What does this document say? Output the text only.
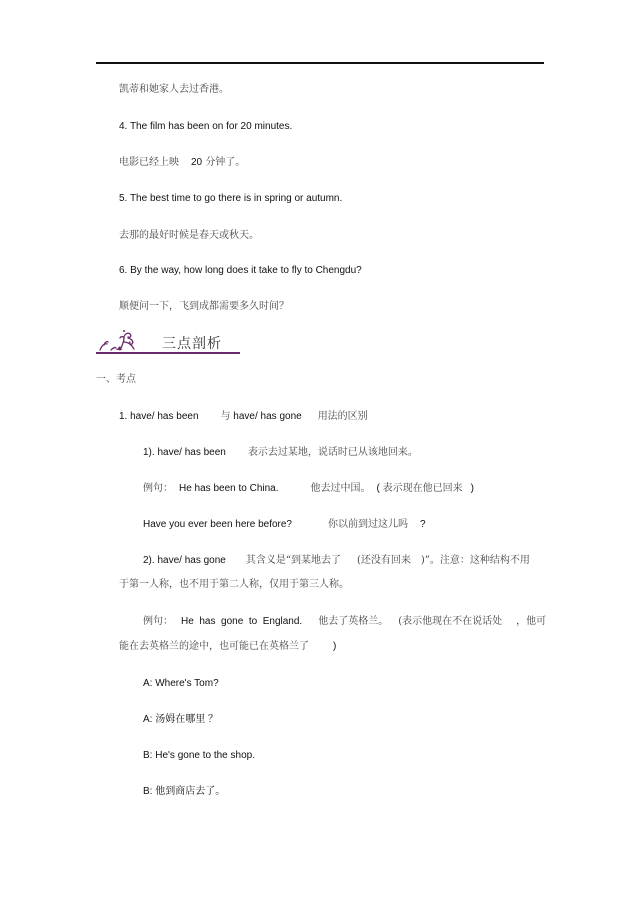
凯蒂和她家人去过香港。
4. The film has been on for 20 minutes.
电影已经上映 20 分钟了。
5. The best time to go there is in spring or autumn.
去那的最好时候是春天或秋天。
6. By the way, how long does it take to fly to Chengdu?
顺便问一下，飞到成都需要多久时间？
三点剖析
一、考点
1. have/ has been 与 have/ has gone 用法的区别
1). have/ has been 表示去过某地，说话时已从该地回来。
例句： He has been to China.	他去过中国。 ( 表示现在他已回来 )
Have you ever been here before?	你以前到过这儿吗 ?
2). have/ has gone 其含义是“到某地去了 (还没有回来 )”。注意：这种结构不用
于第一人称，也不用于第二人称，仅用于第三人称。
例句： He  has  gone  to  England. 他去了英格兰。 (表示他现在不在说话处 ，他可
能在去英格兰的途中，也可能已在英格兰了 )
A: Where's Tom?
A: 汤姆在哪里 ？
B: He's gone to the shop.
B: 他到商店去了。
